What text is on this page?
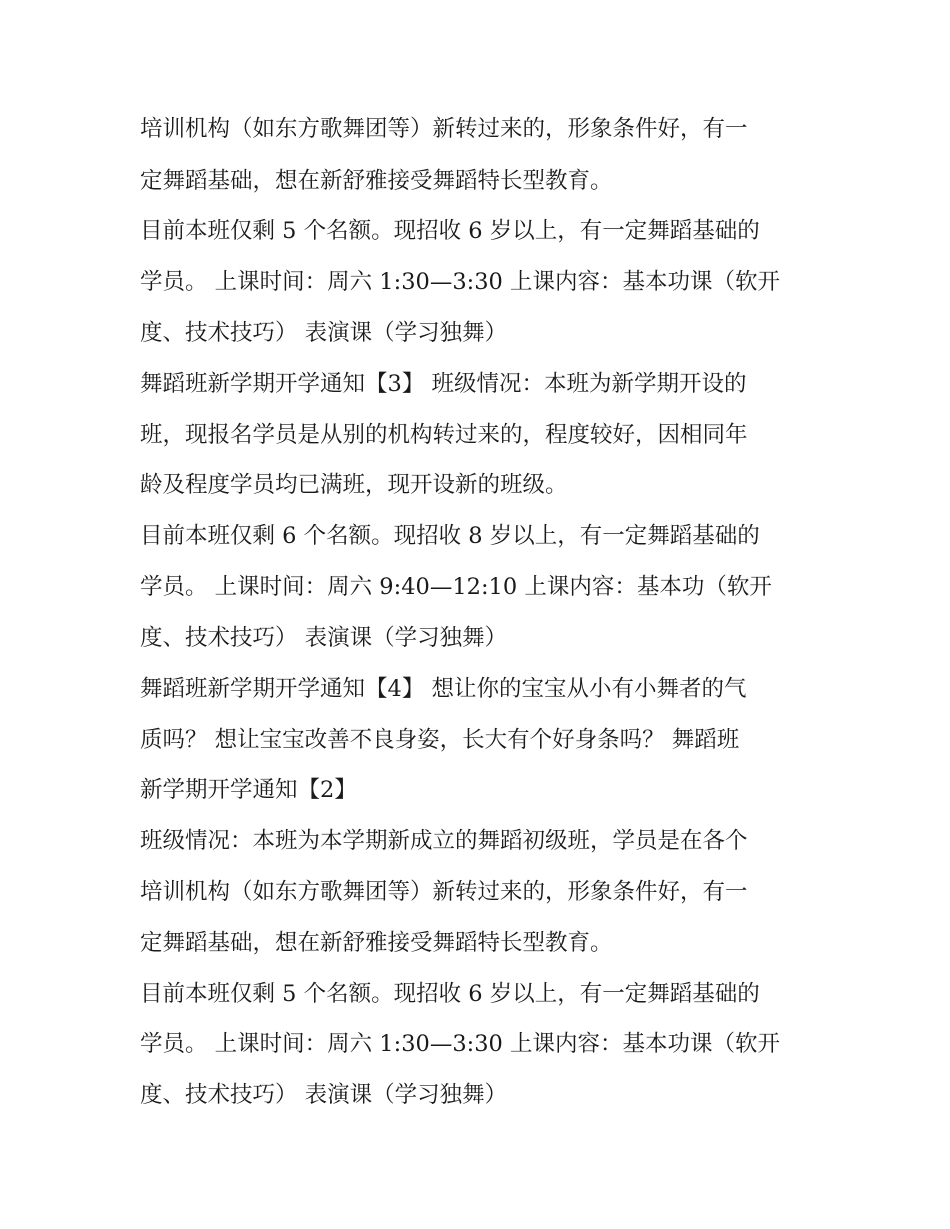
培训机构（如东方歌舞团等）新转过来的，形象条件好，有一
定舞蹈基础，想在新舒雅接受舞蹈特长型教育。
目前本班仅剩 5 个名额。现招收 6 岁以上，有一定舞蹈基础的
学员。 上课时间：周六 1:30—3:30 上课内容：基本功课（软开
度、技术技巧） 表演课（学习独舞）
舞蹈班新学期开学通知【3】 班级情况：本班为新学期开设的
班，现报名学员是从别的机构转过来的，程度较好，因相同年
龄及程度学员均已满班，现开设新的班级。
目前本班仅剩 6 个名额。现招收 8 岁以上，有一定舞蹈基础的
学员。 上课时间：周六 9:40—12:10 上课内容：基本功（软开
度、技术技巧） 表演课（学习独舞）
舞蹈班新学期开学通知【4】 想让你的宝宝从小有小舞者的气
质吗？ 想让宝宝改善不良身姿，长大有个好身条吗？ 舞蹈班
新学期开学通知【2】
班级情况：本班为本学期新成立的舞蹈初级班，学员是在各个
培训机构（如东方歌舞团等）新转过来的，形象条件好，有一
定舞蹈基础，想在新舒雅接受舞蹈特长型教育。
目前本班仅剩 5 个名额。现招收 6 岁以上，有一定舞蹈基础的
学员。 上课时间：周六 1:30—3:30 上课内容：基本功课（软开
度、技术技巧） 表演课（学习独舞）
